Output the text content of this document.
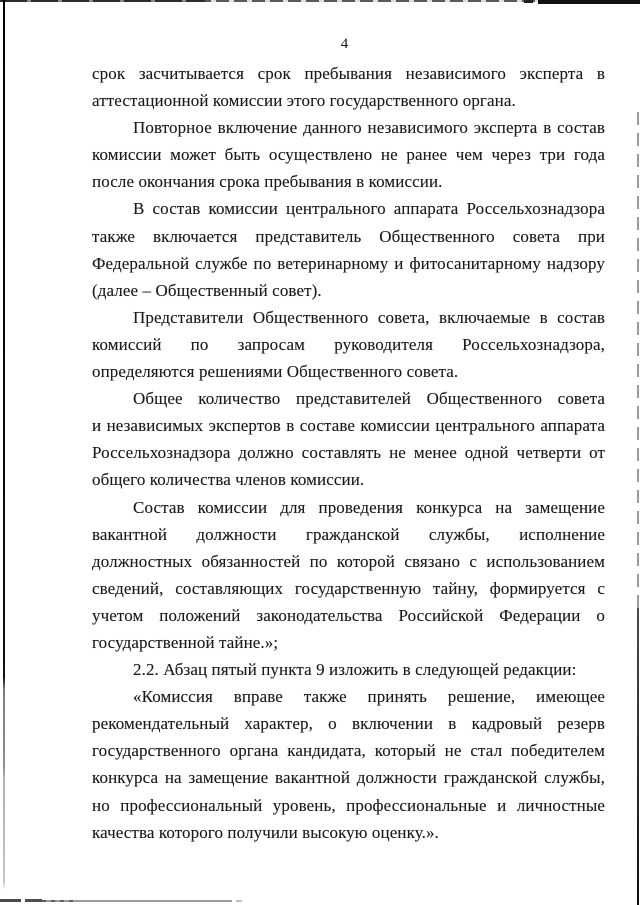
4

срок засчитывается срок пребывания независимого эксперта в аттестационной комиссии этого государственного органа.

Повторное включение данного независимого эксперта в состав комиссии может быть осуществлено не ранее чем через три года после окончания срока пребывания в комиссии.

В состав комиссии центрального аппарата Россельхознадзора также включается представитель Общественного совета при Федеральной службе по ветеринарному и фитосанитарному надзору (далее – Общественный совет).

Представители Общественного совета, включаемые в состав комиссий по запросам руководителя Россельхознадзора, определяются решениями Общественного совета.

Общее количество представителей Общественного совета и независимых экспертов в составе комиссии центрального аппарата Россельхознадзора должно составлять не менее одной четверти от общего количества членов комиссии.

Состав комиссии для проведения конкурса на замещение вакантной должности гражданской службы, исполнение должностных обязанностей по которой связано с использованием сведений, составляющих государственную тайну, формируется с учетом положений законодательства Российской Федерации о государственной тайне.»;

2.2. Абзац пятый пункта 9 изложить в следующей редакции:

«Комиссия вправе также принять решение, имеющее рекомендательный характер, о включении в кадровый резерв государственного органа кандидата, который не стал победителем конкурса на замещение вакантной должности гражданской службы, но профессиональный уровень, профессиональные и личностные качества которого получили высокую оценку.».
